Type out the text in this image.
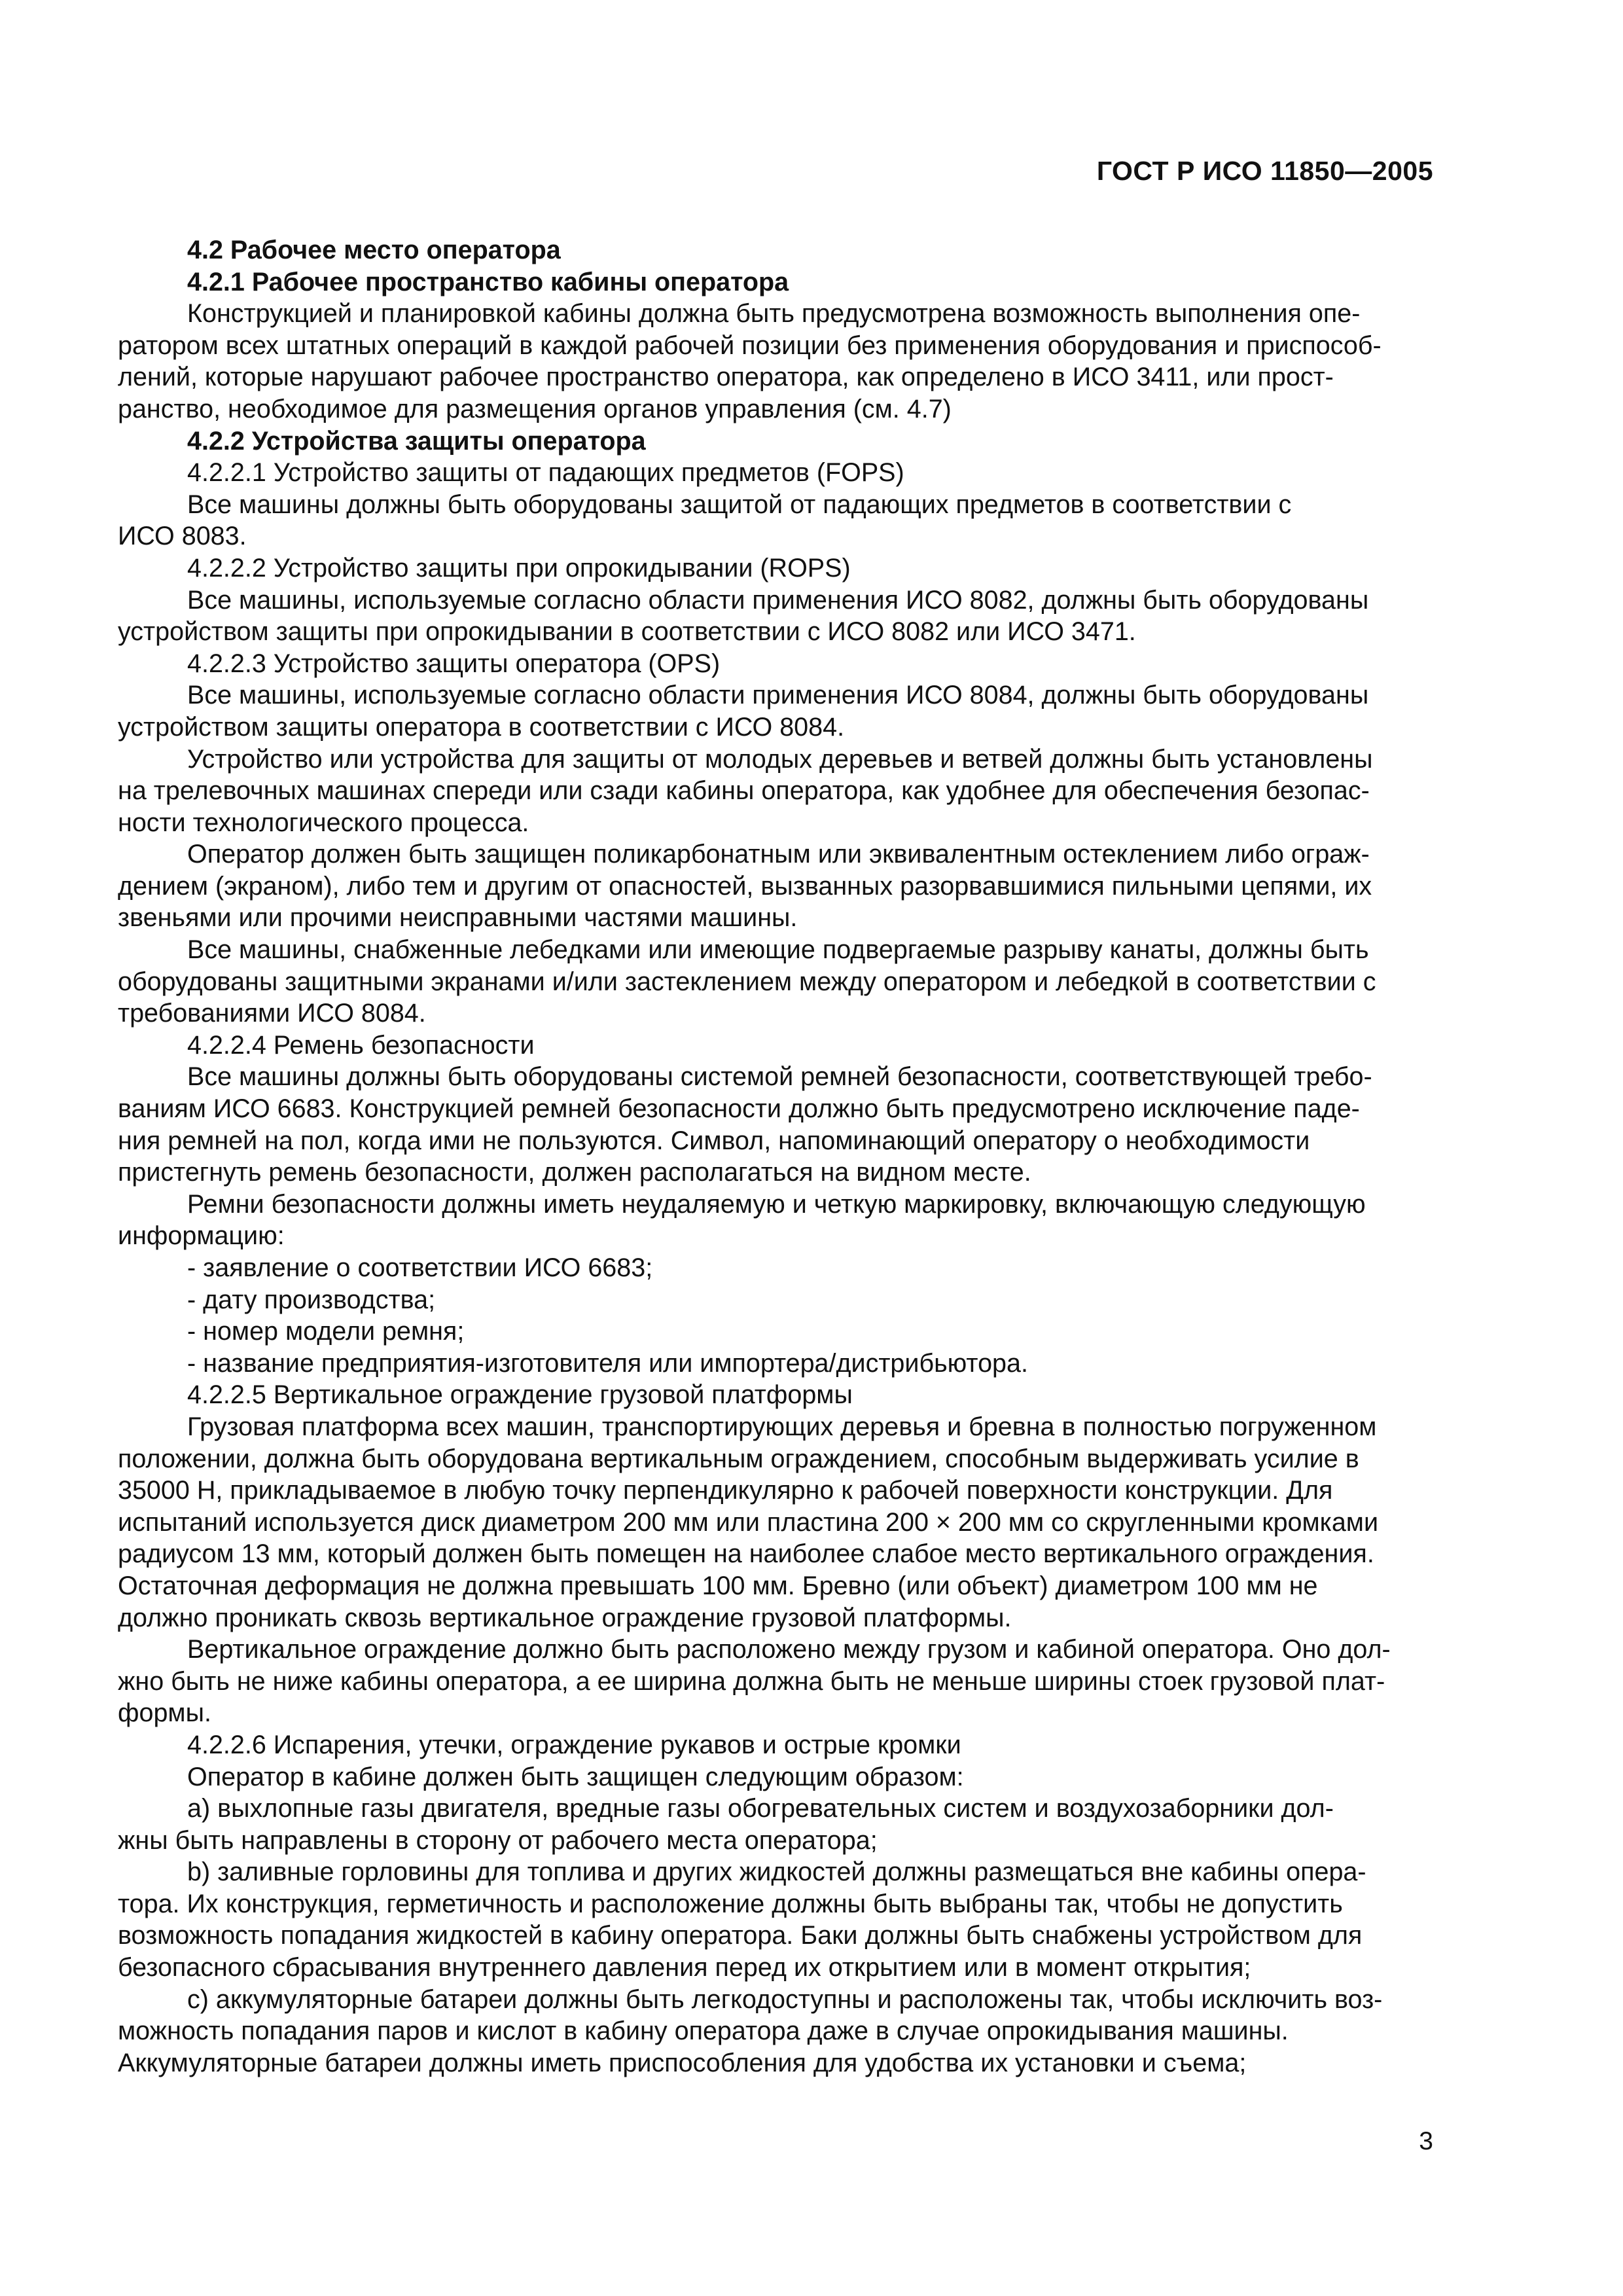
ГОСТ Р ИСО 11850—2005

4.2 Рабочее место оператора

4.2.1 Рабочее пространство кабины оператора

Конструкцией и планировкой кабины должна быть предусмотрена возможность выполнения опе-
ратором всех штатных операций в каждой рабочей позиции без применения оборудования и приспособ-
лений, которые нарушают рабочее пространство оператора, как определено в ИСО 3411, или прост-
ранство, необходимое для размещения органов управления (см. 4.7)

4.2.2 Устройства защиты оператора

4.2.2.1 Устройство защиты от падающих предметов (FOPS)

Все машины должны быть оборудованы защитой от падающих предметов в соответствии с
ИСО 8083.

4.2.2.2 Устройство защиты при опрокидывании (ROPS)

Все машины, используемые согласно области применения ИСО 8082, должны быть оборудованы
устройством защиты при опрокидывании в соответствии с ИСО 8082 или ИСО 3471.

4.2.2.3 Устройство защиты оператора (OPS)

Все машины, используемые согласно области применения ИСО 8084, должны быть оборудованы
устройством защиты оператора в соответствии с ИСО 8084.

Устройство или устройства для защиты от молодых деревьев и ветвей должны быть установлены
на трелевочных машинах спереди или сзади кабины оператора, как удобнее для обеспечения безопас-
ности технологического процесса.

Оператор должен быть защищен поликарбонатным или эквивалентным остеклением либо ограж-
дением (экраном), либо тем и другим от опасностей, вызванных разорвавшимися пильными цепями, их
звеньями или прочими неисправными частями машины.

Все машины, снабженные лебедками или имеющие подвергаемые разрыву канаты, должны быть
оборудованы защитными экранами и/или застеклением между оператором и лебедкой в соответствии с
требованиями ИСО 8084.

4.2.2.4 Ремень безопасности

Все машины должны быть оборудованы системой ремней безопасности, соответствующей требо-
ваниям ИСО 6683. Конструкцией ремней безопасности должно быть предусмотрено исключение паде-
ния ремней на пол, когда ими не пользуются. Символ, напоминающий оператору о необходимости
пристегнуть ремень безопасности, должен располагаться на видном месте.

Ремни безопасности должны иметь неудаляемую и четкую маркировку, включающую следующую
информацию:

- заявление о соответствии ИСО 6683;

- дату производства;

- номер модели ремня;

- название предприятия-изготовителя или импортера/дистрибьютора.

4.2.2.5 Вертикальное ограждение грузовой платформы

Грузовая платформа всех машин, транспортирующих деревья и бревна в полностью погруженном
положении, должна быть оборудована вертикальным ограждением, способным выдерживать усилие в
35000 Н, прикладываемое в любую точку перпендикулярно к рабочей поверхности конструкции. Для
испытаний используется диск диаметром 200 мм или пластина 200 × 200 мм со скругленными кромками
радиусом 13 мм, который должен быть помещен на наиболее слабое место вертикального ограждения.
Остаточная деформация не должна превышать 100 мм. Бревно (или объект) диаметром 100 мм не
должно проникать сквозь вертикальное ограждение грузовой платформы.

Вертикальное ограждение должно быть расположено между грузом и кабиной оператора. Оно дол-
жно быть не ниже кабины оператора, а ее ширина должна быть не меньше ширины стоек грузовой плат-
формы.

4.2.2.6 Испарения, утечки, ограждение рукавов и острые кромки

Оператор в кабине должен быть защищен следующим образом:

a) выхлопные газы двигателя, вредные газы обогревательных систем и воздухозаборники дол-
жны быть направлены в сторону от рабочего места оператора;

b) заливные горловины для топлива и других жидкостей должны размещаться вне кабины опера-
тора. Их конструкция, герметичность и расположение должны быть выбраны так, чтобы не допустить
возможность попадания жидкостей в кабину оператора. Баки должны быть снабжены устройством для
безопасного сбрасывания внутреннего давления перед их открытием или в момент открытия;

c) аккумуляторные батареи должны быть легкодоступны и расположены так, чтобы исключить воз-
можность попадания паров и кислот в кабину оператора даже в случае опрокидывания машины.
Аккумуляторные батареи должны иметь приспособления для удобства их установки и съема;

3
